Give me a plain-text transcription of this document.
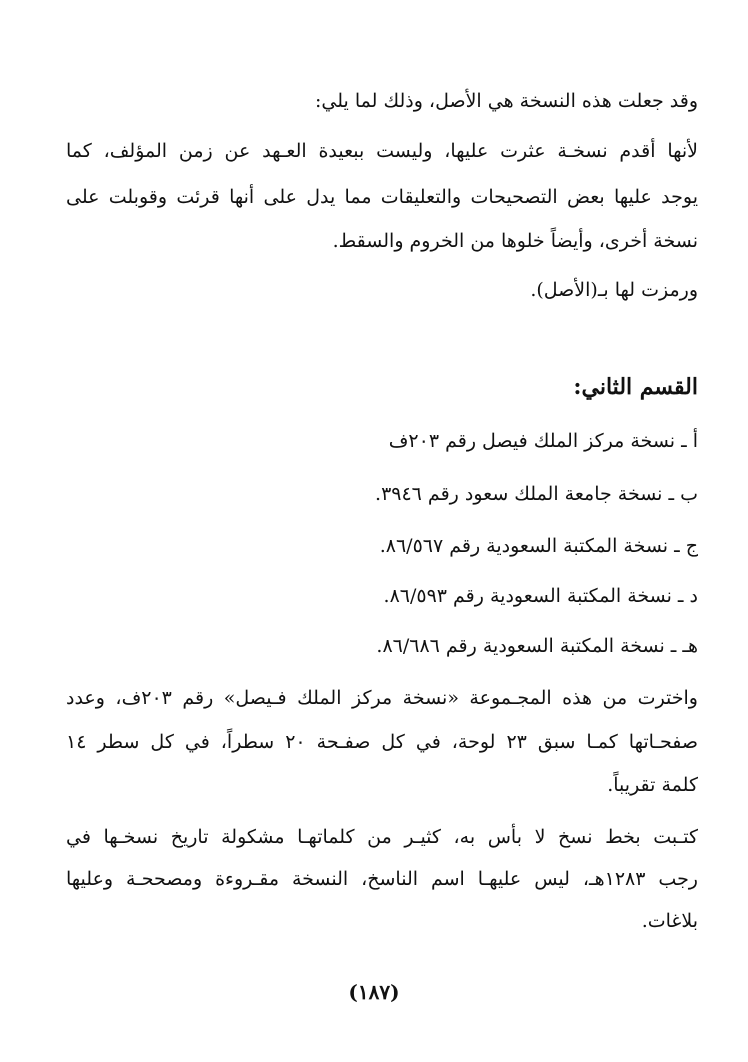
وقد جعلت هذه النسخة هي الأصل، وذلك لما يلي:
لأنها أقدم نسخـة عثرت عليها، وليست ببعيدة العـهد عن زمن المؤلف، كما
يوجد عليها بعض التصحيحات والتعليقات مما يدل على أنها قرئت وقوبلت على
نسخة أخرى، وأيضاً خلوها من الخروم والسقط.
ورمزت لها بـ(الأصل).
القسم الثاني:
أ ـ نسخة مركز الملك فيصل رقم ٢٠٣ف
ب ـ نسخة جامعة الملك سعود رقم ٣٩٤٦.
ج ـ نسخة المكتبة السعودية رقم ٨٦/٥٦٧.
د ـ نسخة المكتبة السعودية رقم ٨٦/٥٩٣.
هـ ـ نسخة المكتبة السعودية رقم ٨٦/٦٨٦.
واخترت من هذه المجـموعة «نسخة مركز الملك فـيصل» رقم ٢٠٣ف، وعدد
صفحـاتها كمـا سبق ٢٣ لوحة، في كل صفـحة ٢٠ سطراً، في كل سطر ١٤
كلمة تقريباً.
كتـبت بخط نسخ لا بأس به، كثيـر من كلماتهـا مشكولة تاريخ نسخـها في
رجب ١٢٨٣هـ، ليس عليهـا اسم الناسخ، النسخة مقـروءة ومصححـة وعليها
بلاغات.
(١٨٧)
